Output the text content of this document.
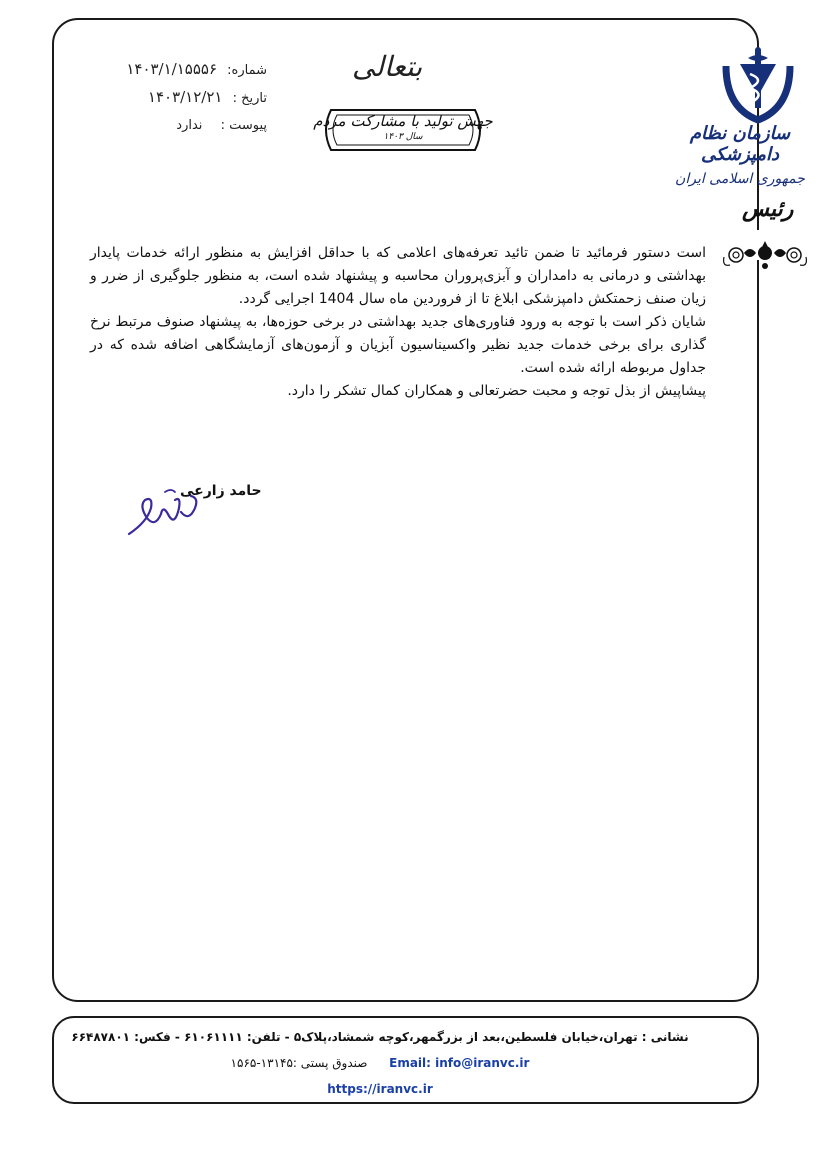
شماره: ۱۴۰۳/۱/۱۵۵۵۶
تاریخ : ۱۴۰۳/۱۲/۲۱
پیوست : ندارد
بتعالی
جهش تولید با مشارکت مردم
سال ۱۴۰۳	سازمان نظام دامپزشکی
جمهوری اسلامی ایران
رئیس

است دستور فرمائید تا ضمن تائید تعرفه‌های اعلامی که با حداقل افزایش به منظور ارائه خدمات پایدار بهداشتی و درمانی به دامداران و آبزی‌پروران محاسبه و پیشنهاد شده است، به منظور جلوگیری از ضرر و زیان صنف زحمتکش دامپزشکی ابلاغ تا از فروردین ماه سال 1404 اجرایی گردد.

شایان ذکر است با توجه به ورود فناوری‌های جدید بهداشتی در برخی حوزه‌ها، به پیشنهاد صنوف مرتبط نرخ گذاری برای برخی خدمات جدید نظیر واکسیناسیون آبزیان و آزمون‌های آزمایشگاهی اضافه شده که در جداول مربوطه ارائه شده است.

پیشاپیش از بذل توجه و محبت حضرتعالی و همکاران کمال تشکر را دارد.

حامد زارعی
نشانی : تهران،خیابان فلسطین،بعد از بزرگمهر،کوچه شمشاد،پلاک۵ - تلفن: ۶۱۰۶۱۱۱۱ - فکس: ۶۶۴۸۷۸۰۱
Email: info@iranvc.ir  صندوق پستی :۱۳۱۴۵-۱۵۶۵
https://iranvc.ir
